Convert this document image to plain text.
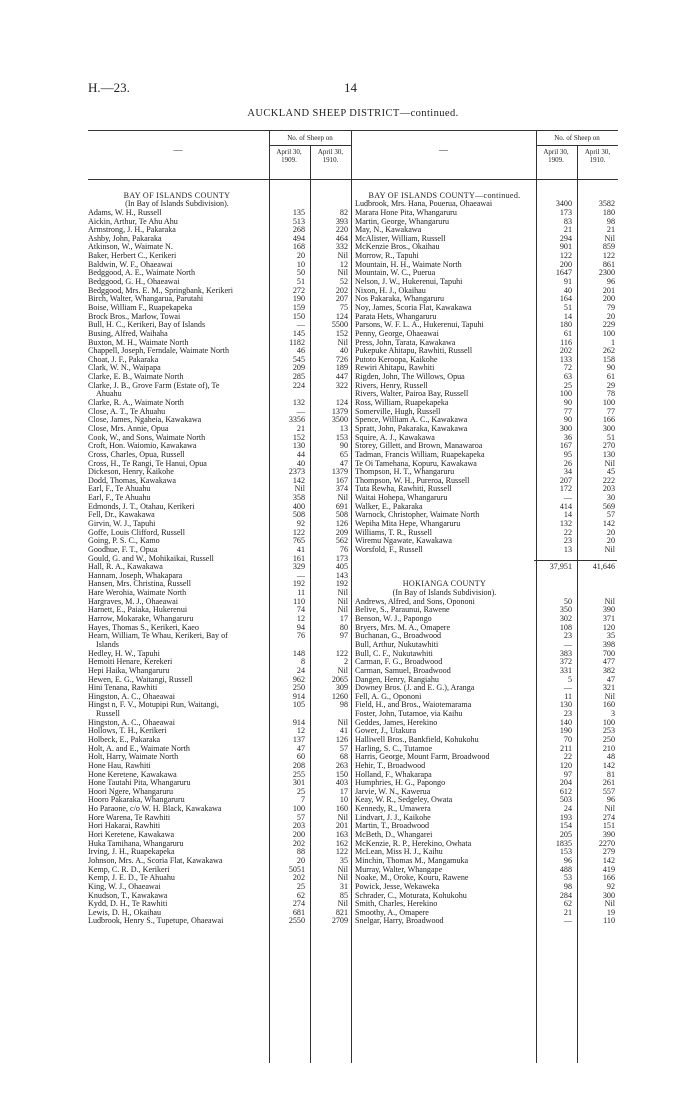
H.—23.	14
AUCKLAND SHEEP DISTRICT—continued.
—
No. of Sheep on
April 30,
1909.
April 30,
1910.
—
No. of Sheep on
April 30,
1909.
April 30,
1910.
BAY OF ISLANDS COUNTY
(In Bay of Islands Subdivision).
Adams, W. H., Russell	135	82
Aickin, Arthur, Te Ahu Ahu	513	393
Armstrong, J. H., Pakaraka	268	220
Ashby, John, Pakaraka	494	464
Atkinson, W., Waimate N.	168	332
Baker, Herbert C., Kerikeri	20	Nil
Baldwin, W. F., Ohaeawai	10	12
Bedggood, A. E., Waimate North	50	Nil
Bedggood, G. H., Ohaeawai	51	52
Bedggood, Mrs. E. M., Springbank, Kerikeri	272	202
Birch, Walter, Whangarua, Parutahi	190	207
Boise, William F., Ruapekapeka	159	75
Brock Bros., Marlow, Towai	150	124
Bull, H. C., Kerikeri, Bay of Islands	—	5500
Busing, Alfred, Waihaha	145	152
Buxton, M. H., Waimate North	1182	Nil
Chappell, Joseph, Ferndale, Waimate North	46	40
Choat, J. F., Pakaraka	545	726
Clark, W. N., Waipapa	209	189
Clarke, E. B., Waimate North	285	447
Clarke, J. B., Grove Farm (Estate of), Te	224	322
Ahuahu
Clarke, R. A., Waimate North	132	124
Close, A. T., Te Ahuahu	—	1379
Close, James, Ngaheia, Kawakawa	3356	3500
Close, Mrs. Annie, Opua	21	13
Cook, W., and Sons, Waimate North	152	153
Croft, Hon. Waiomio, Kawakawa	130	90
Cross, Charles, Opua, Russell	44	65
Cross, H., Te Rangi, Te Hanui, Opua	40	47
Dickeson, Henry, Kaikohe	2373	1379
Dodd, Thomas, Kawakawa	142	167
Earl, F., Te Ahuahu	Nil	374
Earl, F., Te Ahuahu	358	Nil
Edmonds, J. T., Otahau, Kerikeri	400	691
Fell, Dr., Kawakawa	508	508
Girvin, W. J., Tapuhi	92	126
Goffe, Louis Clifford, Russell	122	209
Going, P. S. C., Kamo	765	562
Goodhue, F. T., Opua	41	76
Gould, G. and W., Mohikaikai, Russell	161	173
Hall, R. A., Kawakawa	329	405
Hannam, Joseph, Whakapara	—	143
Hansen, Mrs. Christina, Russell	192	192
Hare Werohia, Waimate North	11	Nil
Hargraves, M. J., Ohaeawai	110	Nil
Harnett, E., Paiaka, Hukerenui	74	Nil
Harrow, Mokarake, Whangaruru	12	17
Hayes, Thomas S., Kerikeri, Kaeo	94	80
Hearn, William, Te Whau, Kerikeri, Bay of	76	97
Islands
Hedley, H. W., Tapuhi	148	122
Hemoiti Henare, Kerekeri	8	2
Hepi Haika, Whangaruru	24	Nil
Hewen, E. G., Waitangi, Russell	962	2065
Hini Tenana, Rawhiti	250	309
Hingston, A. C., Ohaeawai	914	1260
Hingst n, F. V., Motupipi Run, Waitangi,	105	98
Russell
Hingston, A. C., Ohaeawai	914	Nil
Hollows, T. H., Kerikeri	12	41
Holbeck, E., Pakaraka	137	126
Holt, A. and E., Waimate North	47	57
Holt, Harry, Waimate North	60	68
Hone Hau, Rawhiti	208	263
Hone Keretene, Kawakawa	255	150
Hone Tautahi Pita, Whangaruru	301	403
Hoori Ngere, Whangaruru	25	17
Hooro Pakaraka, Whangaruru	7	10
Ho Paraone, c/o W. H. Black, Kawakawa	100	160
Hore Warena, Te Rawhiti	57	Nil
Hori Hakarai, Rawhiti	203	201
Hori Keretene, Kawakawa	200	163
Huka Tamihana, Whangaruru	202	162
Irving, J. H., Ruapekapeka	88	122
Johnson, Mrs. A., Scoria Flat, Kawakawa	20	35
Kemp, C. R. D., Kerikeri	5051	Nil
Kemp, J. E. D., Te Ahuahu	202	Nil
King, W. J., Ohaeawai	25	31
Knudson, T., Kawakawa	62	85
Kydd, D. H., Te Rawhiti	274	Nil
Lewis, D. H., Okaihau	681	821
Ludbrook, Henry S., Tupetupe, Ohaeawai	2550	2709
BAY OF ISLANDS COUNTY—continued.
Ludbrook, Mrs. Hana, Pouerua, Ohaeawai	3400	3582
Marara Hone Pita, Whangaruru	173	180
Martin, George, Whangaruru	83	98
May, N., Kawakawa	21	21
McAlister, William, Russell	294	Nil
McKenzie Bros., Okaihau	901	859
Morrow, R., Tapuhi	122	122
Mountain, H. H., Waimate North	200	861
Mountain, W. C., Puerua	1647	2300
Nelson, J. W., Hukerenui, Tapuhi	91	96
Nixon, H. J., Okaihau	40	201
Nos Pakaraka, Whangaruru	164	200
Noy, James, Scoria Flat, Kawakawa	51	79
Parata Hets, Whangaruru	14	20
Parsons, W. F. L. A., Hukerenui, Tapuhi	180	229
Penny, George, Ohaeawai	61	100
Press, John, Tarata, Kawakawa	116	1
Pukepuke Ahitapu, Rawhiti, Russell	202	262
Putoto Keroopa, Kaikohe	133	158
Rewiri Ahitapu, Rawhiti	72	90
Rigden, John, The Willows, Opua	63	61
Rivers, Henry, Russell	25	29
Rivers, Walter, Pairoa Bay, Russell	100	78
Ross, William, Ruapekapeka	90	100
Somerville, Hugh, Russell	77	77
Spence, William A. C., Kawakawa	90	166
Spratt, John, Pakaraka, Kawakawa	300	300
Squire, A. J., Kawakawa	36	51
Storey, Gillett, and Brown, Manawaroa	167	270
Tadman, Francis William, Ruapekapeka	95	130
Te Oi Tamehana, Kopuru, Kawakawa	26	Nil
Thompson, H. T., Whangaruru	34	45
Thompson, W. H., Pureroa, Russell	207	222
Tuta Rewha, Rawhiti, Russell	172	203
Waitai Hohepa, Whangaruru	—	30
Walker, E., Pakaraka	414	569
Warnock, Christopher, Waimate North	14	57
Wepiha Mita Hepe, Whangaruru	132	142
Williams, T. R., Russell	22	20
Wiremu Ngawate, Kawakawa	23	20
Worsfold, F., Russell	13	Nil
37,951	41,646
HOKIANGA COUNTY
(In Bay of Islands Subdivision).
Andrews, Alfred, and Sons, Opononi	50	Nil
Belive, S., Paraunui, Rawene	350	390
Benson, W. J., Papongo	302	371
Bryers, Mrs. M. A., Omapere	108	120
Buchanan, G., Broadwood	23	35
Bull, Arthur, Nukutawhiti	—	398
Bull, C. F., Nukutawhiti	383	700
Carman, F. G., Broadwood	372	477
Carman, Samuel, Broadwood	331	382
Dangen, Henry, Rangiahu	5	47
Downey Bros. (J. and E. G.), Aranga	—	321
Fell, A. G., Opononi	11	Nil
Field, H., and Bros., Waiotemarama	130	160
Foster, John, Tutamoe, via Kaihu	23	3
Geddes, James, Herekino	140	100
Gower, J., Utakura	190	253
Halliwell Bros., Bankfield, Kohukohu	70	250
Harling, S. C., Tutamoe	211	210
Harris, George, Mount Farm, Broadwood	22	48
Hehir, T., Broadwood	120	142
Holland, F., Whakarapa	97	81
Humphries, H. G., Papongo	204	261
Jarvie, W. N., Kawerua	612	557
Keay, W. R., Sedgeley, Owata	503	96
Kennedy, R., Umawera	24	Nil
Lindvart, J. J., Kaikohe	193	274
Martin, T., Broadwood	154	151
McBeth, D., Whangarei	205	390
McKenzie, R. P., Herekino, Owhata	1835	2270
McLean, Miss H. J., Kaihu	153	279
Minchin, Thomas M., Mangamuka	96	142
Murray, Walter, Whangape	488	419
Noake, M., Oroke, Kouru, Rawene	53	166
Powick, Jesse, Wekaweka	98	92
Schrader, C., Moturata, Kohukohu	284	300
Smith, Charles, Herekino	62	Nil
Smoothy, A., Omapere	21	19
Snelgar, Harry, Broadwood	—	110
